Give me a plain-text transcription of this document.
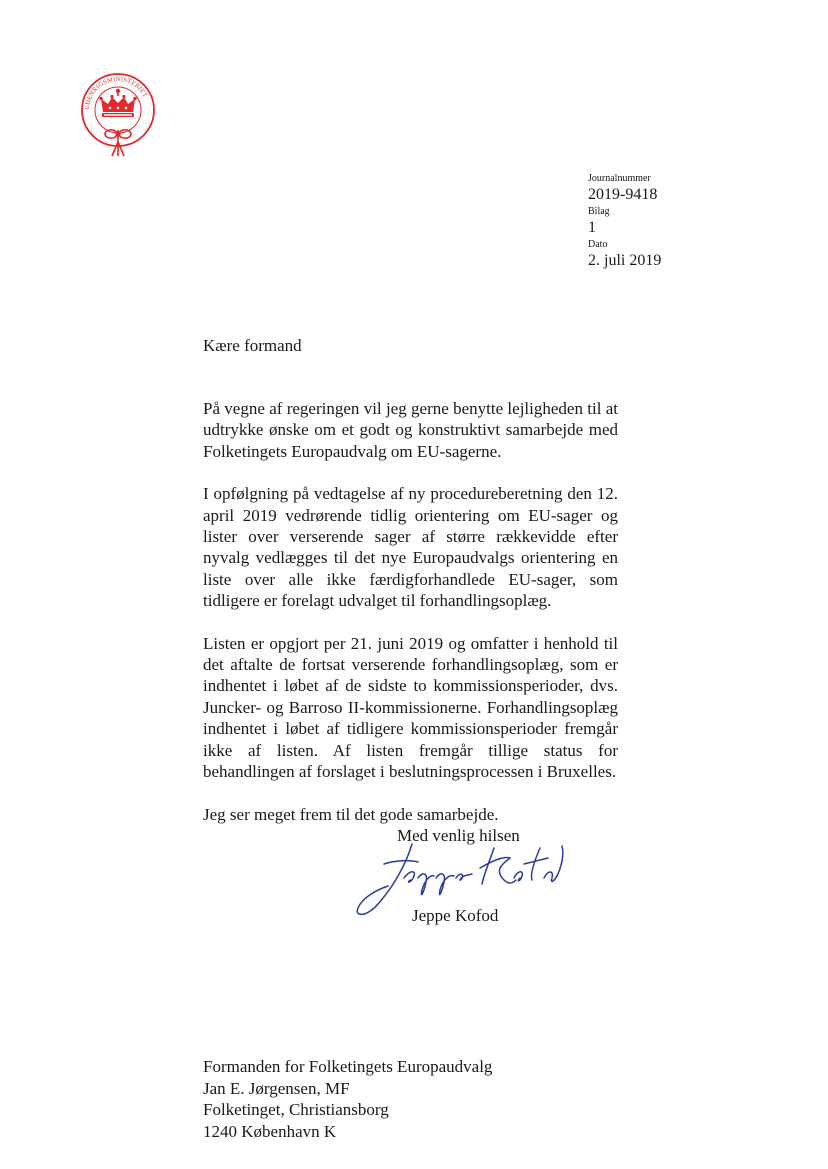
UDENRIGSMINISTERIET
Journalnummer
2019-9418
Bilag
1
Dato
2. juli 2019
Kære formand

På vegne af regeringen vil jeg gerne benytte lejligheden til at udtrykke ønske om et godt og konstruktivt samarbejde med Folketingets Europaudvalg om EU-sagerne.

I opfølgning på vedtagelse af ny procedureberetning den 12. april 2019 vedrørende tidlig orientering om EU-sager og lister over verserende sager af større rækkevidde efter nyvalg vedlægges til det nye Europaudvalgs orientering en liste over alle ikke færdigforhandlede EU-sager, som tidligere er forelagt udvalget til forhandlingsoplæg.

Listen er opgjort per 21. juni 2019 og omfatter i henhold til det aftalte de fortsat verserende forhandlingsoplæg, som er indhentet i løbet af de sidste to kommissionsperioder, dvs. Juncker- og Barroso II-kommissionerne. Forhandlingsoplæg indhentet i løbet af tidligere kommissionsperioder fremgår ikke af listen. Af listen fremgår tillige status for behandlingen af forslaget i beslutningsprocessen i Bruxelles.

Jeg ser meget frem til det gode samarbejde.

Med venlig hilsen
Jeppe Kofod
Formanden for Folketingets Europaudvalg
Jan E. Jørgensen, MF
Folketinget, Christiansborg
1240 København K
